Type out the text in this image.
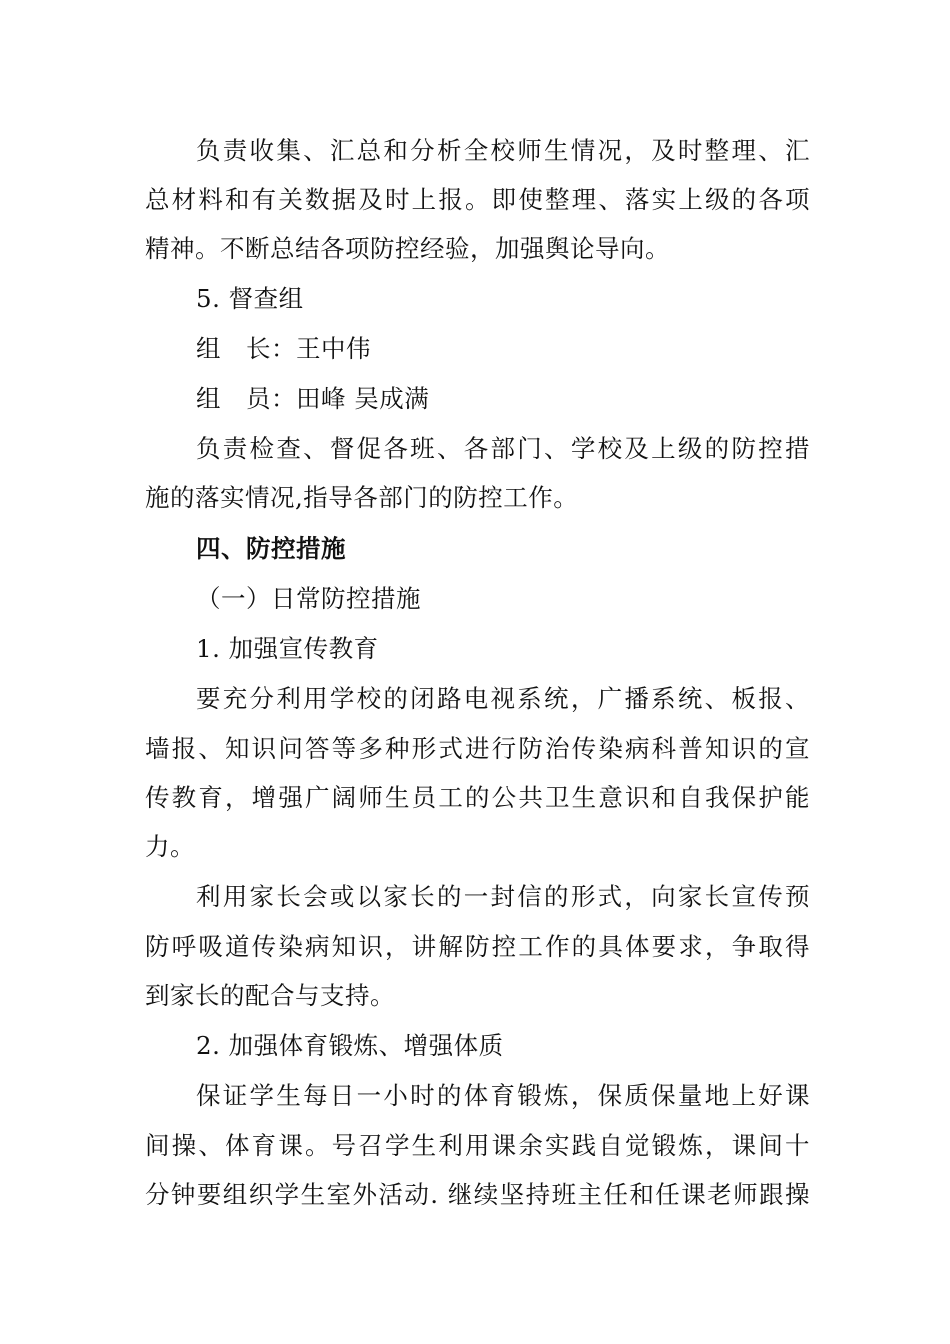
负责收集、汇总和分析全校师生情况，及时整理、汇
总材料和有关数据及时上报。即使整理、落实上级的各项
精神。不断总结各项防控经验，加强舆论导向。
5. 督查组
组　长：王中伟
组　员：田峰 吴成满
负责检查、督促各班、各部门、学校及上级的防控措
施的落实情况,指导各部门的防控工作。
四、防控措施
（一）日常防控措施
1. 加强宣传教育
要充分利用学校的闭路电视系统，广播系统、板报、
墙报、知识问答等多种形式进行防治传染病科普知识的宣
传教育，增强广阔师生员工的公共卫生意识和自我保护能
力。
利用家长会或以家长的一封信的形式，向家长宣传预
防呼吸道传染病知识，讲解防控工作的具体要求，争取得
到家长的配合与支持。
2. 加强体育锻炼、增强体质
保证学生每日一小时的体育锻炼，保质保量地上好课
间操、体育课。号召学生利用课余实践自觉锻炼，课间十
分钟要组织学生室外活动. 继续坚持班主任和任课老师跟操
